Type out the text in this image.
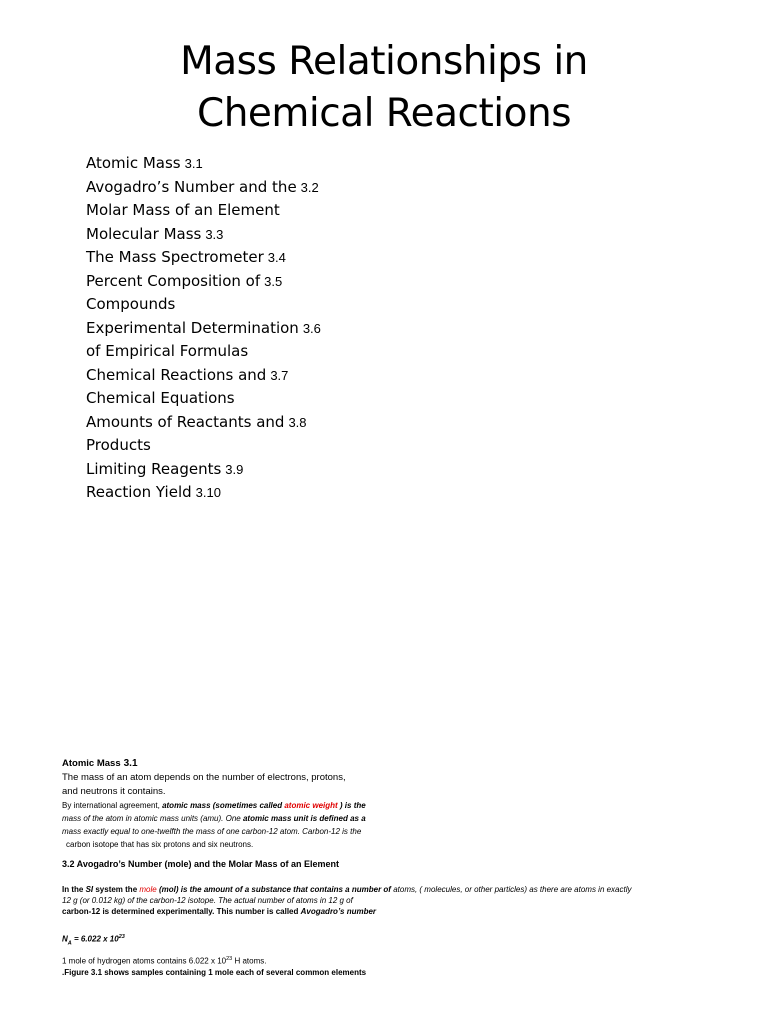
Mass Relationships in
Chemical Reactions
Atomic Mass 3.1
Avogadro’s Number and the 3.2
Molar Mass of an Element
Molecular Mass 3.3
The Mass Spectrometer 3.4
Percent Composition of 3.5
Compounds
Experimental Determination 3.6
of Empirical Formulas
Chemical Reactions and 3.7
Chemical Equations
Amounts of Reactants and 3.8
Products
Limiting Reagents 3.9
Reaction Yield 3.10
Atomic Mass 3.1
The mass of an atom depends on the number of electrons, protons,
and neutrons it contains.
By international agreement, atomic mass (sometimes called atomic weight ) is the
mass of the atom in atomic mass units (amu). One atomic mass unit is defined as a
mass exactly equal to one-twelfth the mass of one carbon-12 atom. Carbon-12 is the
carbon isotope that has six protons and six neutrons.
3.2 Avogadro’s Number (mole) and the Molar Mass of an Element
In the SI system the mole (mol) is the amount of a substance that contains a number of atoms, ( molecules, or other particles) as there are atoms in exactly
12 g (or 0.012 kg) of the carbon-12 isotope. The actual number of atoms in 12 g of
carbon-12 is determined experimentally. This number is called Avogadro’s number
$N_A = 6.022$ x $10^{23}$
1 mole of hydrogen atoms contains 6.022 x $10^{23}$ H atoms.
.Figure 3.1 shows samples containing 1 mole each of several common elements
